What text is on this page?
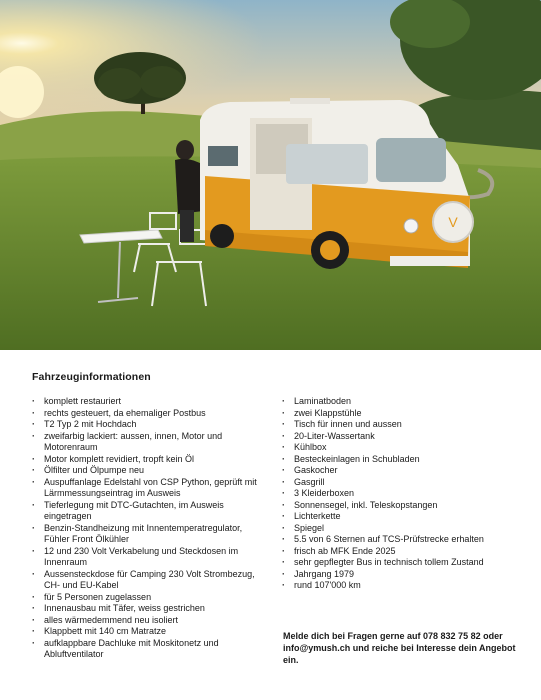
V
Fahrzeuginformationen
· komplett restauriert
· rechts gesteuert, da ehemaliger Postbus
· T2 Typ 2 mit Hochdach
· zweifarbig lackiert: aussen, innen, Motor und Motorenraum
· Motor komplett revidiert, tropft kein Öl
· Ölfilter und Ölpumpe neu
· Auspuffanlage Edelstahl von CSP Python, geprüft mit Lärmmessungseintrag im Ausweis
· Tieferlegung mit DTC-Gutachten, im Ausweis eingetragen
· Benzin-Standheizung mit Innentemperatregulator, Fühler Front Ölkühler
· 12 und 230 Volt Verkabelung und Steckdosen im Innenraum
· Aussensteckdose für Camping 230 Volt Strombezug, CH- und EU-Kabel
· für 5 Personen zugelassen
· Innenausbau mit Täfer, weiss gestrichen
· alles wärmedemmend neu isoliert
· Klappbett mit 140 cm Matratze
· aufklappbare Dachluke mit Moskitonetz und Abluftventilator
· Laminatboden
· zwei Klappstühle
· Tisch für innen und aussen
· 20-Liter-Wassertank
· Kühlbox
· Besteckeinlagen in Schubladen
· Gaskocher
· Gasgrill
· 3 Kleiderboxen
· Sonnensegel, inkl. Teleskopstangen
· Lichterkette
· Spiegel
· 5.5 von 6 Sternen auf TCS-Prüfstrecke erhalten
· frisch ab MFK Ende 2025
· sehr gepflegter Bus in technisch tollem Zustand
· Jahrgang 1979
· rund 107'000 km

Melde dich bei Fragen gerne auf 078 832 75 82 oder info@ymush.ch und reiche bei Interesse dein Angebot ein.
